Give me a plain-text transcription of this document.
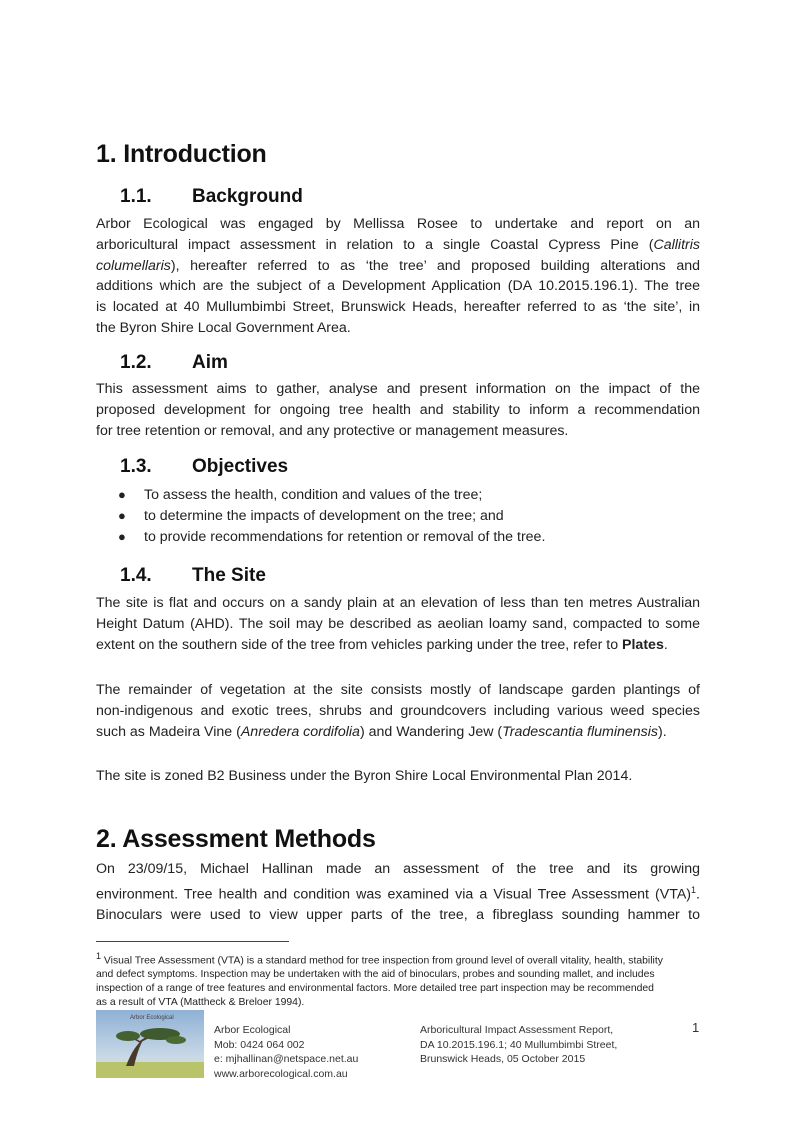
1. Introduction
1.1. Background
Arbor Ecological was engaged by Mellissa Rosee to undertake and report on an
arboricultural impact assessment in relation to a single Coastal Cypress Pine (Callitris
columellaris), hereafter referred to as ‘the tree’ and proposed building alterations and
additions which are the subject of a Development Application (DA 10.2015.196.1). The tree
is located at 40 Mullumbimbi Street, Brunswick Heads, hereafter referred to as ‘the site’, in
the Byron Shire Local Government Area.
1.2. Aim
This assessment aims to gather, analyse and present information on the impact of the
proposed development for ongoing tree health and stability to inform a recommendation
for tree retention or removal, and any protective or management measures.
1.3. Objectives
● To assess the health, condition and values of the tree;
● to determine the impacts of development on the tree; and
● to provide recommendations for retention or removal of the tree.
1.4. The Site
The site is flat and occurs on a sandy plain at an elevation of less than ten metres Australian
Height Datum (AHD). The soil may be described as aeolian loamy sand, compacted to some
extent on the southern side of the tree from vehicles parking under the tree, refer to Plates.
The remainder of vegetation at the site consists mostly of landscape garden plantings of
non-indigenous and exotic trees, shrubs and groundcovers including various weed species
such as Madeira Vine (Anredera cordifolia) and Wandering Jew (Tradescantia fluminensis).
The site is zoned B2 Business under the Byron Shire Local Environmental Plan 2014.
2. Assessment Methods
On 23/09/15, Michael Hallinan made an assessment of the tree and its growing
environment. Tree health and condition was examined via a Visual Tree Assessment (VTA)$^1$.
Binoculars were used to view upper parts of the tree, a fibreglass sounding hammer to
$^1$ Visual Tree Assessment (VTA) is a standard method for tree inspection from ground level of overall vitality, health, stability
and defect symptoms. Inspection may be undertaken with the aid of binoculars, probes and sounding mallet, and includes
inspection of a range of tree features and environmental factors. More detailed tree part inspection may be recommended
as a result of VTA (Mattheck & Breloer 1994).
Arbor Ecological
Arbor Ecological
Mob: 0424 064 002
e: mjhallinan@netspace.net.au
www.arborecological.com.au
Arboricultural Impact Assessment Report,
DA 10.2015.196.1; 40 Mullumbimbi Street,
Brunswick Heads, 05 October 2015
1
